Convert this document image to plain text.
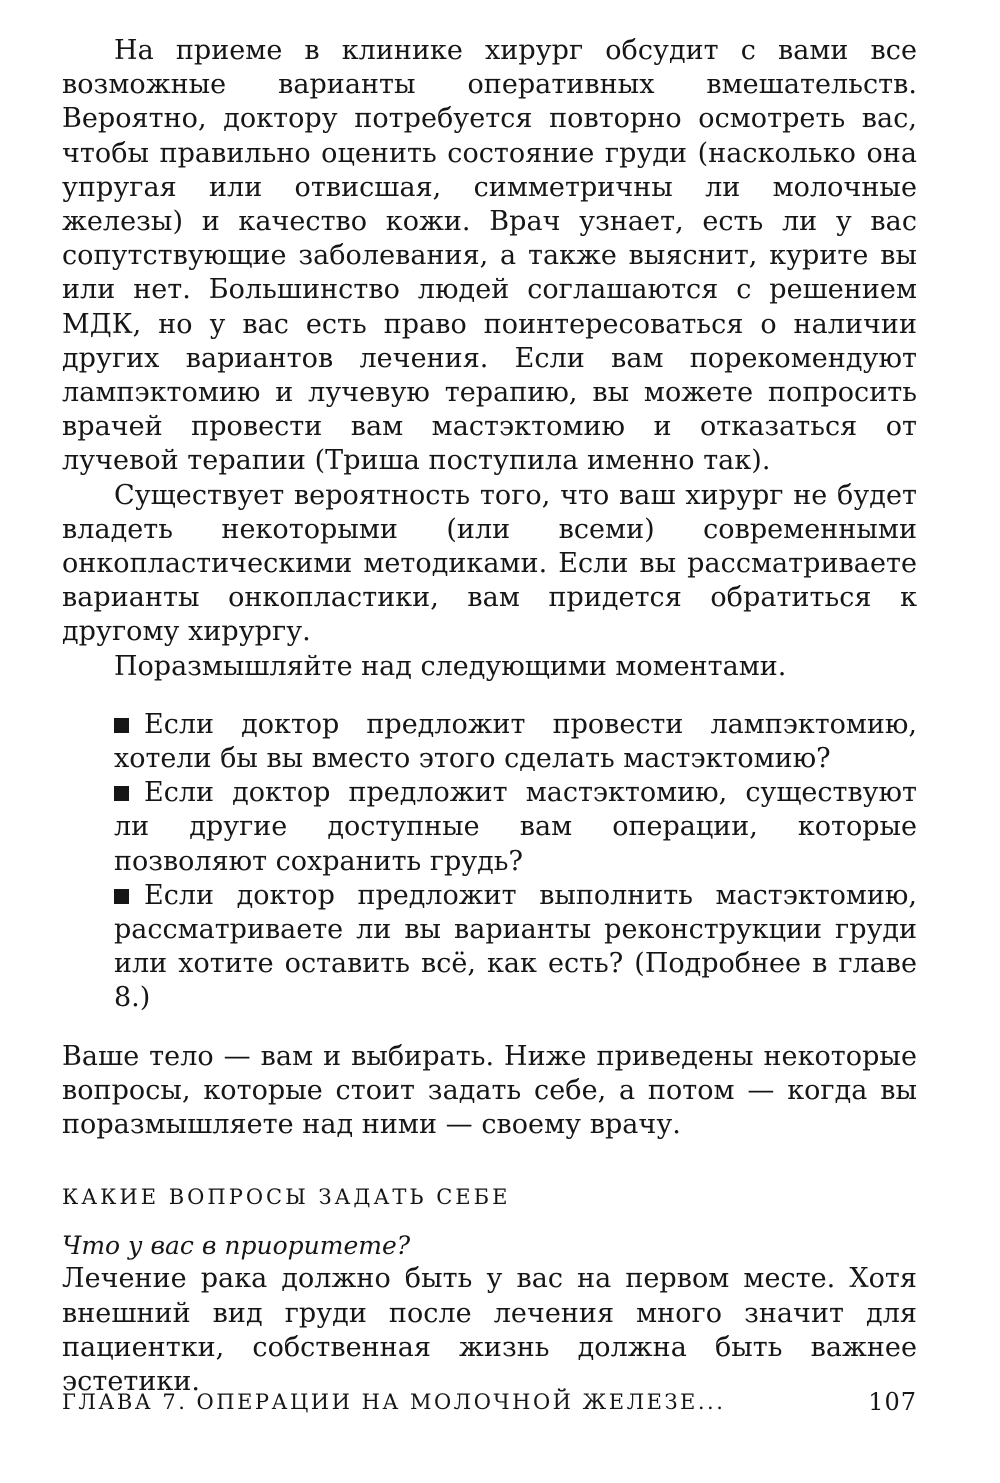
На приеме в клинике хирург обсудит с вами все возможные варианты оперативных вмешательств. Вероятно, доктору потребуется повторно осмотреть вас, чтобы правильно оценить состояние груди (насколько она упругая или отвисшая, симметричны ли молочные железы) и качество кожи. Врач узнает, есть ли у вас сопутствующие заболевания, а также выяснит, курите вы или нет. Большинство людей соглашаются с решением МДК, но у вас есть право поинтересоваться о наличии других вариантов лечения. Если вам порекомендуют лампэктомию и лучевую терапию, вы можете попросить врачей провести вам мастэктомию и отказаться от лучевой терапии (Триша поступила именно так).

Существует вероятность того, что ваш хирург не будет владеть некоторыми (или всеми) современными онкопластическими методиками. Если вы рассматриваете варианты онкопластики, вам придется обратиться к другому хирургу.

Поразмышляйте над следующими моментами.

Если доктор предложит провести лампэктомию, хотели бы вы вместо этого сделать мастэктомию?
Если доктор предложит мастэктомию, существуют ли другие доступные вам операции, которые позволяют сохранить грудь?
Если доктор предложит выполнить мастэктомию, рассматриваете ли вы варианты реконструкции груди или хотите оставить всё, как есть? (Подробнее в главе 8.)

Ваше тело — вам и выбирать. Ниже приведены некоторые вопросы, которые стоит задать себе, а потом — когда вы поразмышляете над ними — своему врачу.

КАКИЕ ВОПРОСЫ ЗАДАТЬ СЕБЕ
Что у вас в приоритете?

Лечение рака должно быть у вас на первом месте. Хотя внешний вид груди после лечения много значит для пациентки, собственная жизнь должна быть важнее эстетики.

ГЛАВА 7. ОПЕРАЦИИ НА МОЛОЧНОЙ ЖЕЛЕЗЕ...	107
